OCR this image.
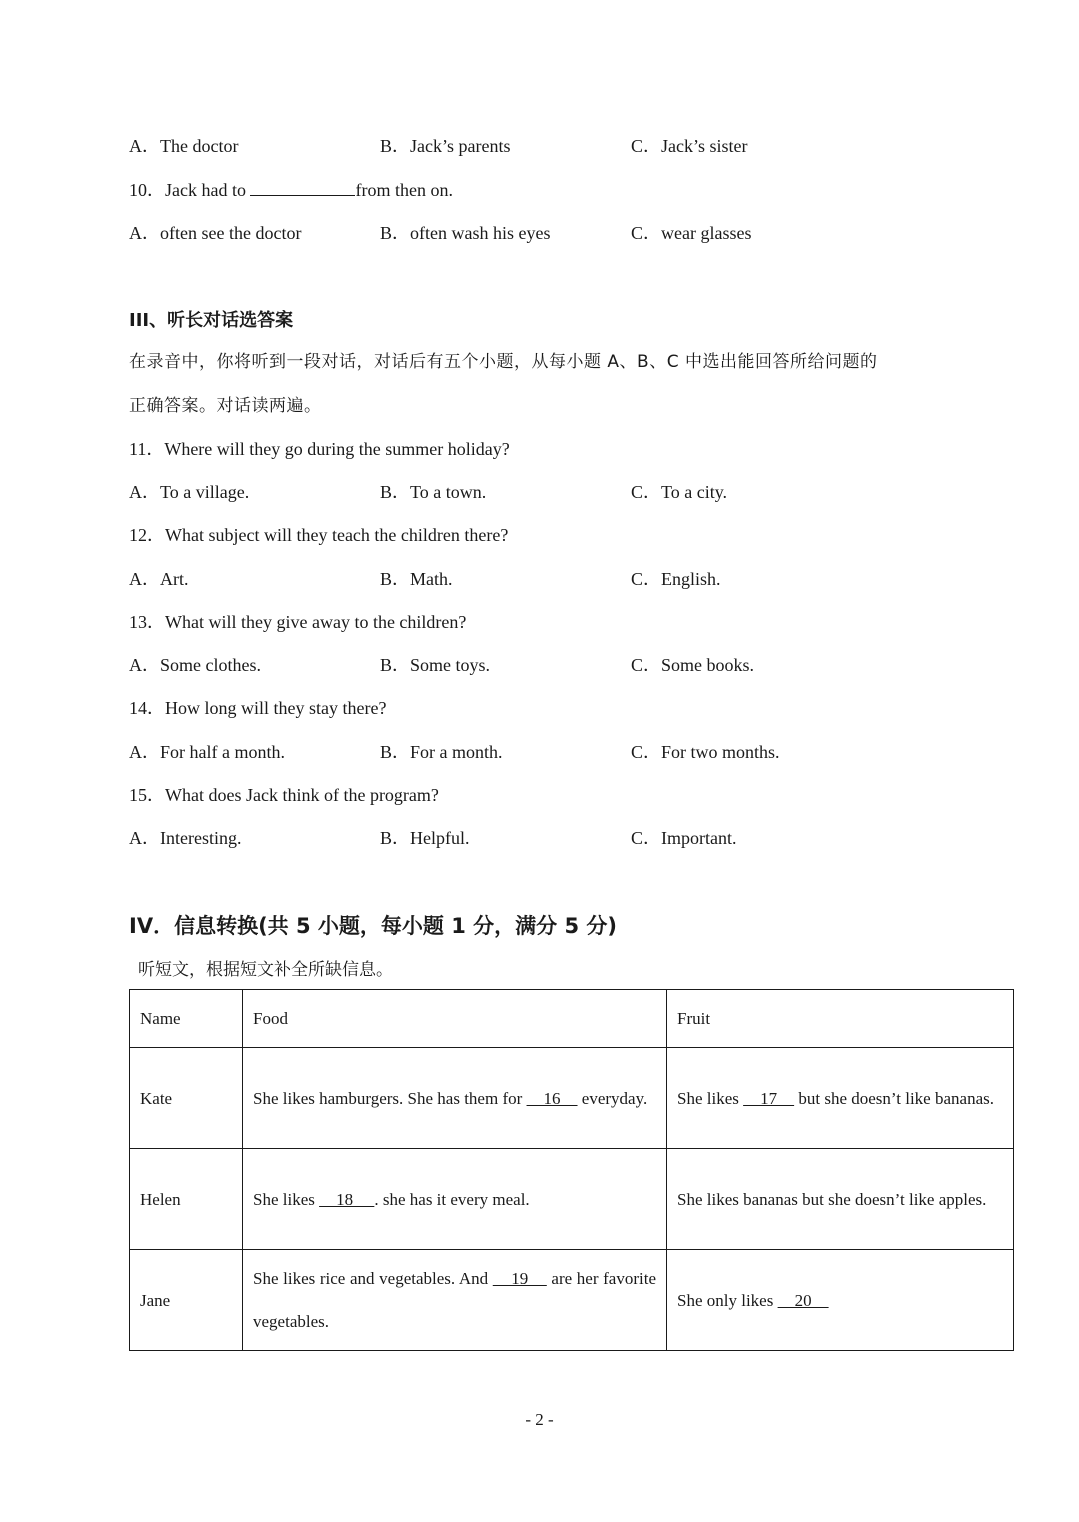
A．The doctor	B．Jack’s parents	C．Jack’s sister
10．Jack had to	from then on.
A．often see the doctor	B．often wash his eyes	C．wear glasses
III、听长对话选答案
在录音中，你将听到一段对话，对话后有五个小题，从每小题 A、B、C 中选出能回答所给问题的
正确答案。对话读两遍。
11．Where will they go during the summer holiday?
A．To a village.	B．To a town.	C．To a city.
12．What subject will they teach the children there?
A．Art.	B．Math.	C．English.
13．What will they give away to the children?
A．Some clothes.	B．Some toys.	C．Some books.
14．How long will they stay there?
A．For half a month.	B．For a month.	C．For two months.
15．What does Jack think of the program?
A．Interesting.	B．Helpful.	C．Important.
IV．信息转换(共 5 小题，每小题 1 分，满分 5 分)
听短文，根据短文补全所缺信息。
Name	Food	Fruit
Kate	She likes hamburgers. She has them for     16     everyday.	She likes     17     but she doesn’t like bananas.
Helen	She likes     18     . she has it every meal.	She likes bananas but she doesn’t like apples.
Jane	She likes rice and vegetables. And     19     are her favorite vegetables.	She only likes     20
- 2 -
